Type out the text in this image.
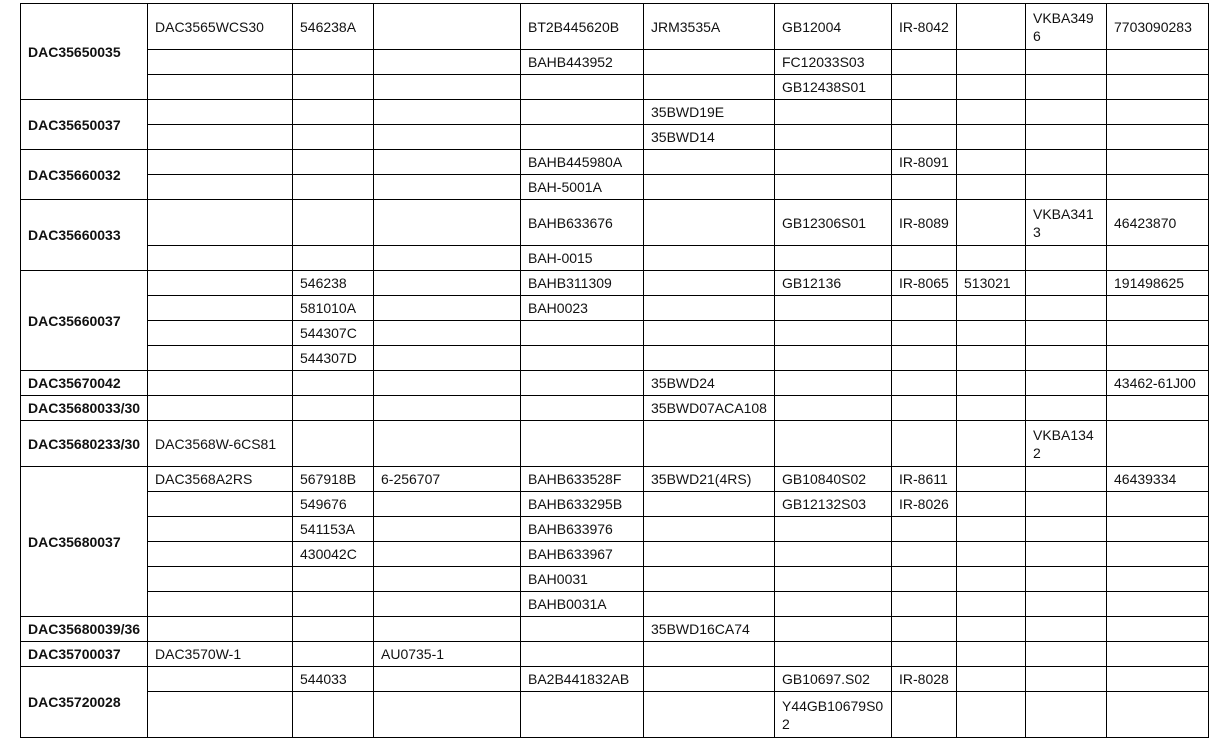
DAC35650035	DAC3565WCS30	546238A		BT2B445620B	JRM3535A	GB12004	IR-8042		VKBA3496	7703090283
				BAHB443952		FC12033S03				
						GB12438S01				
DAC35650037					35BWD19E					
					35BWD14					
DAC35660032				BAHB445980A			IR-8091			
				BAH-5001A						
DAC35660033				BAHB633676		GB12306S01	IR-8089		VKBA3413	46423870
				BAH-0015						
DAC35660037		546238		BAHB311309		GB12136	IR-8065	513021		191498625
		581010A		BAH0023						
		544307C								
		544307D								
DAC35670042					35BWD24					43462-61J00
DAC35680033/30					35BWD07ACA108					
DAC35680233/30	DAC3568W-6CS81								VKBA1342	
DAC35680037	DAC3568A2RS	567918B	6-256707	BAHB633528F	35BWD21(4RS)	GB10840S02	IR-8611			46439334
		549676		BAHB633295B		GB12132S03	IR-8026			
		541153A		BAHB633976						
		430042C		BAHB633967						
				BAH0031						
				BAHB0031A						
DAC35680039/36					35BWD16CA74					
DAC35700037	DAC3570W-1		AU0735-1							
DAC35720028		544033		BA2B441832AB		GB10697.S02	IR-8028			
						Y44GB10679S02				
